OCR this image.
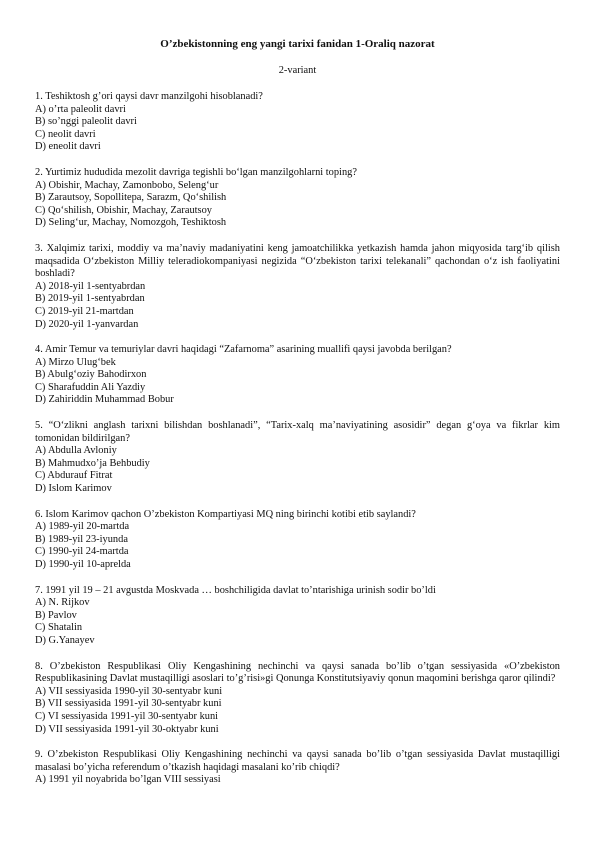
O’zbekistonning eng yangi tarixi fanidan 1-Oraliq nazorat
2-variant
1. Teshiktosh g’ori qaysi davr manzilgohi hisoblanadi?
A) o’rta paleolit davri
B) so’nggi paleolit davri
C) neolit davri
D) eneolit davri
2. Yurtimiz hududida mezolit davriga tegishli bo‘lgan manzilgohlarni toping?
A) Obishir, Machay, Zamonbobo, Seleng‘ur
B) Zarautsoy, Sopollitepa, Sarazm, Qo‘shilish
C) Qo‘shilish, Obishir, Machay, Zarautsoy
D) Seling‘ur, Machay, Nomozgoh, Teshiktosh
3. Xalqimiz tarixi, moddiy va ma’naviy madaniyatini keng jamoatchilikka yetkazish hamda jahon miqyosida targ‘ib qilish maqsadida O‘zbekiston Milliy teleradiokompaniyasi negizida “O‘zbekiston tarixi telekanali” qachondan o‘z ish faoliyatini boshladi?
A) 2018-yil 1-sentyabrdan
B) 2019-yil 1-sentyabrdan
C) 2019-yil 21-martdan
D) 2020-yil 1-yanvardan
4. Amir Temur va temuriylar davri haqidagi “Zafarnoma” asarining muallifi qaysi javobda berilgan?
A) Mirzo Ulug‘bek
B) Abulg‘oziy Bahodirxon
C) Sharafuddin Ali Yazdiy
D) Zahiriddin Muhammad Bobur
5. “O‘zlikni anglash tarixni bilishdan boshlanadi”, “Tarix-xalq ma’naviyatining asosidir” degan g‘oya va fikrlar kim tomonidan bildirilgan?
A) Abdulla Avloniy
B) Mahmudxo’ja Behbudiy
C) Abdurauf Fitrat
D) Islom Karimov
6. Islom Karimov qachon O’zbekiston Kompartiyasi MQ ning birinchi kotibi etib saylandi?
A) 1989-yil 20-martda
B) 1989-yil 23-iyunda
C) 1990-yil 24-martda
D) 1990-yil 10-aprelda
7. 1991 yil 19 – 21 avgustda Moskvada … boshchiligida davlat to’ntarishiga urinish sodir bo’ldi
A) N. Rijkov
B) Pavlov
C) Shatalin
D) G.Yanayev
8. O’zbekiston Respublikasi Oliy Kengashining nechinchi va qaysi sanada bo’lib o’tgan sessiyasida «O’zbekiston Respublikasining Davlat mustaqilligi asoslari to’g’risi»gi Qonunga Konstitutsiyaviy qonun maqomini berishga qaror qilindi?
A) VII sessiyasida 1990-yil 30-sentyabr kuni
B) VII sessiyasida 1991-yil 30-sentyabr kuni
C) VI sessiyasida 1991-yil 30-sentyabr kuni
D) VII sessiyasida 1991-yil 30-oktyabr kuni
9. O’zbekiston Respublikasi Oliy Kengashining nechinchi va qaysi sanada bo’lib o’tgan sessiyasida Davlat mustaqilligi masalasi bo’yicha referendum o’tkazish haqidagi masalani ko’rib chiqdi?
A) 1991 yil noyabrida bo’lgan VIII sessiyasi
